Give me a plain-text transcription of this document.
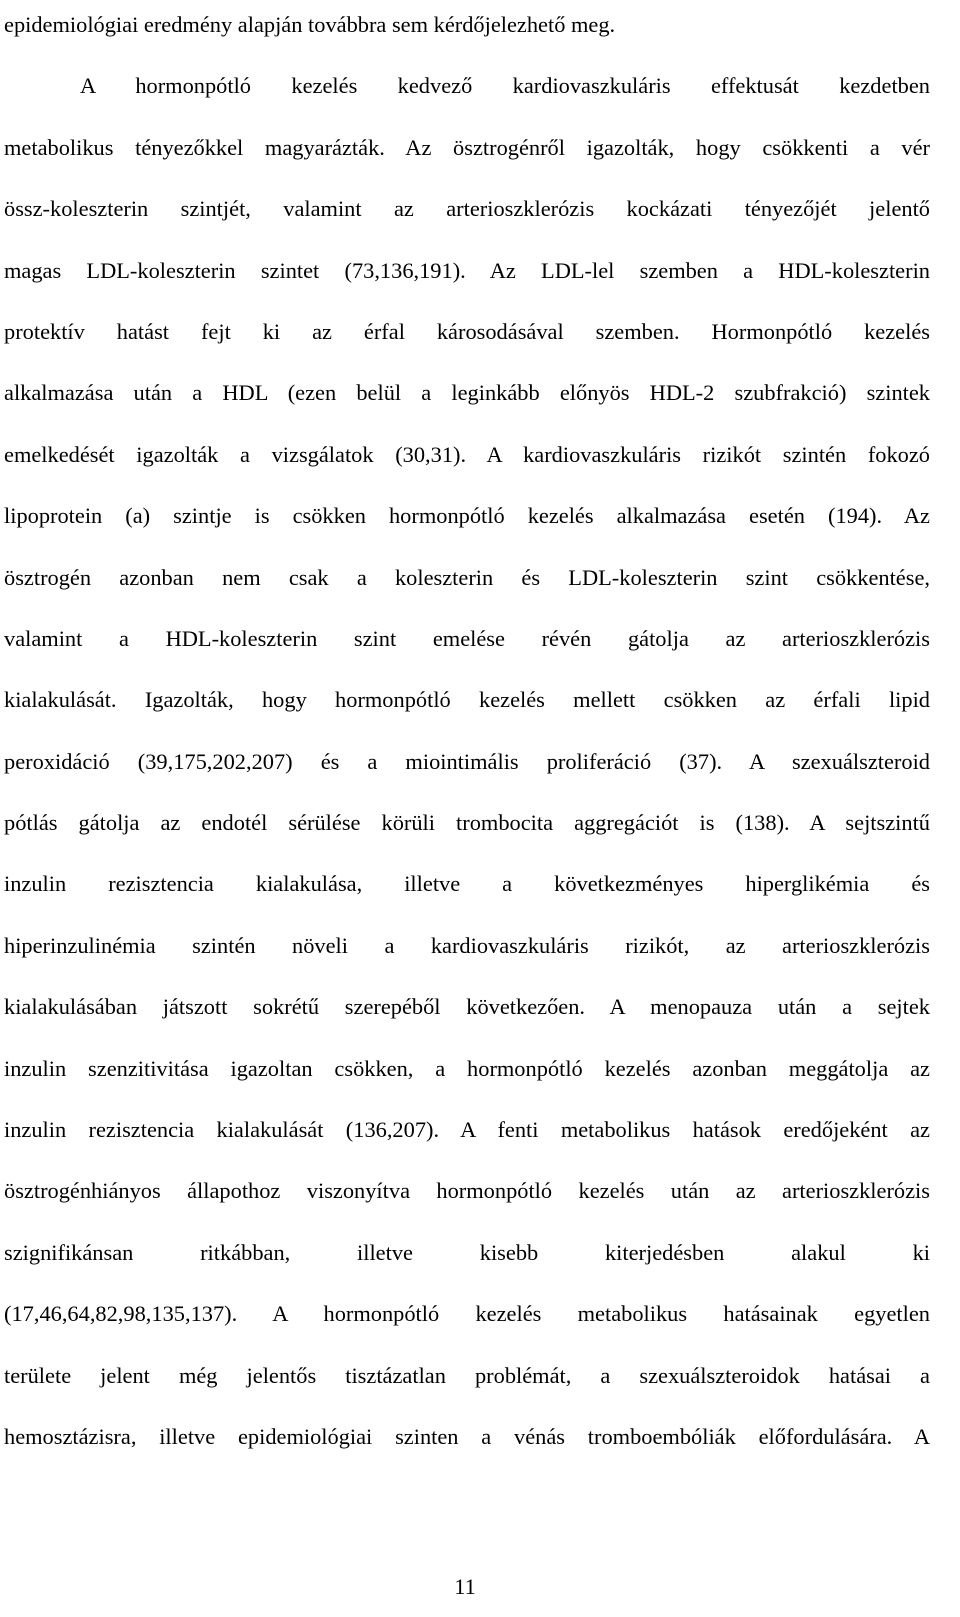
epidemiológiai eredmény alapján továbbra sem kérdőjelezhető meg.
A hormonpótló kezelés kedvező kardiovaszkuláris effektusát kezdetben
metabolikus tényezőkkel magyarázták. Az ösztrogénről igazolták, hogy csökkenti a vér
össz-koleszterin szintjét, valamint az arterioszklerózis kockázati tényezőjét jelentő
magas LDL-koleszterin szintet (73,136,191). Az LDL-lel szemben a HDL-koleszterin
protektív hatást fejt ki az érfal károsodásával szemben. Hormonpótló kezelés
alkalmazása után a HDL (ezen belül a leginkább előnyös HDL-2 szubfrakció) szintek
emelkedését igazolták a vizsgálatok (30,31). A kardiovaszkuláris rizikót szintén fokozó
lipoprotein (a) szintje is csökken hormonpótló kezelés alkalmazása esetén (194). Az
ösztrogén azonban nem csak a koleszterin és LDL-koleszterin szint csökkentése,
valamint a HDL-koleszterin szint emelése révén gátolja az arterioszklerózis
kialakulását. Igazolták, hogy hormonpótló kezelés mellett csökken az érfali lipid
peroxidáció (39,175,202,207) és a miointimális proliferáció (37). A szexuálszteroid
pótlás gátolja az endotél sérülése körüli trombocita aggregációt is (138). A sejtszintű
inzulin rezisztencia kialakulása, illetve a következményes hiperglikémia és
hiperinzulinémia szintén növeli a kardiovaszkuláris rizikót, az arterioszklerózis
kialakulásában játszott sokrétű szerepéből következően. A menopauza után a sejtek
inzulin szenzitivitása igazoltan csökken, a hormonpótló kezelés azonban meggátolja az
inzulin rezisztencia kialakulását (136,207). A fenti metabolikus hatások eredőjeként az
ösztrogénhiányos állapothoz viszonyítva hormonpótló kezelés után az arterioszklerózis
szignifikánsan ritkábban, illetve kisebb kiterjedésben alakul ki
(17,46,64,82,98,135,137). A hormonpótló kezelés metabolikus hatásainak egyetlen
területe jelent még jelentős tisztázatlan problémát, a szexuálszteroidok hatásai a
hemosztázisra, illetve epidemiológiai szinten a vénás tromboembóliák előfordulására. A
11
